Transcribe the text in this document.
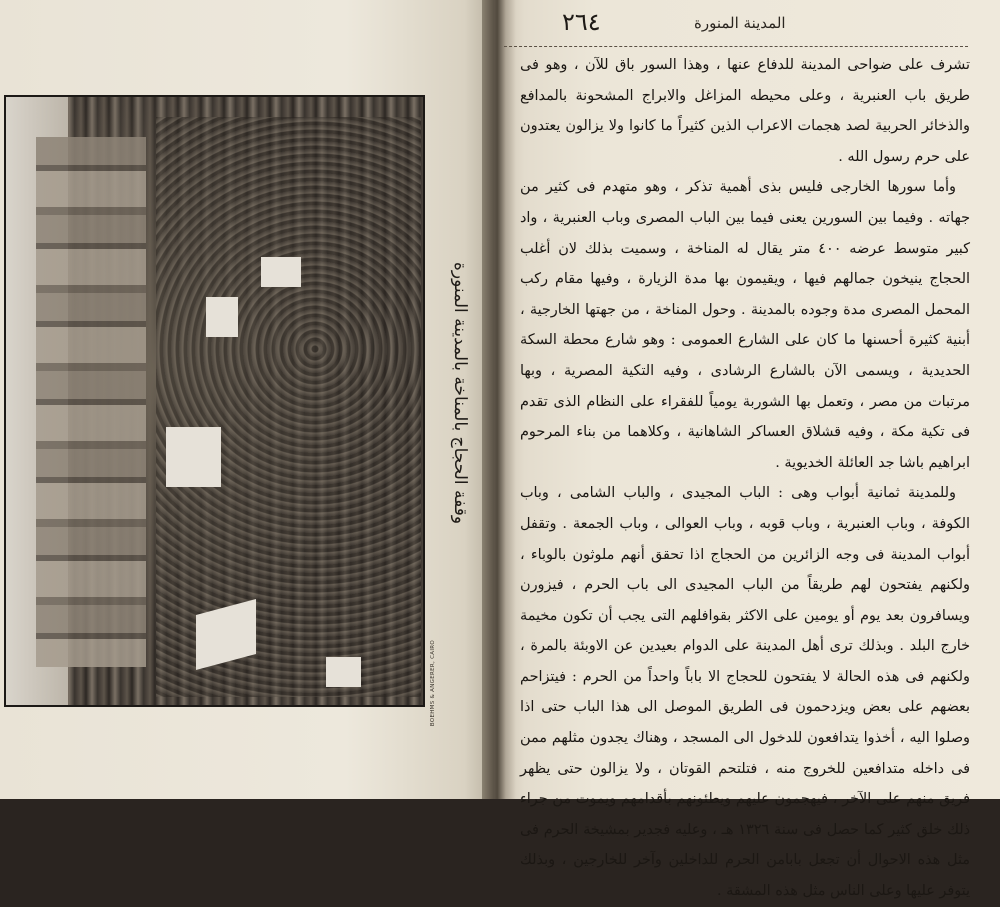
BOEHMS & ANGERER, CAIRO
وقفة الحجاج بالمناخة بالمدينة المنورة
٢٦٤	المدينة المنورة

تشرف على ضواحى المدينة للدفاع عنها ، وهذا السور باق للآن ، وهو فى طريق باب العنبرية ، وعلى محيطه المزاغل والابراج المشحونة بالمدافع والذخائر الحربية لصد هجمات الاعراب الذين كثيراً ما كانوا ولا يزالون يعتدون على حرم رسول الله .

وأما سورها الخارجى فليس بذى أهمية تذكر ، وهو متهدم فى كثير من جهاته . وفيما بين السورين يعنى فيما بين الباب المصرى وباب العنبرية ، واد كبير متوسط عرضه ٤٠٠ متر يقال له المناخة ، وسميت بذلك لان أغلب الحجاج ينيخون جمالهم فيها ، ويقيمون بها مدة الزيارة ، وفيها مقام ركب المحمل المصرى مدة وجوده بالمدينة . وحول المناخة ، من جهتها الخارجية ، أبنية كثيرة أحسنها ما كان على الشارع العمومى : وهو شارع محطة السكة الحديدية ، ويسمى الآن بالشارع الرشادى ، وفيه التكية المصرية ، وبها مرتبات من مصر ، وتعمل بها الشوربة يومياً للفقراء على النظام الذى تقدم فى تكية مكة ، وفيه قشلاق العساكر الشاهانية ، وكلاهما من بناء المرحوم ابراهيم باشا جد العائلة الخديوية .

وللمدينة ثمانية أبواب وهى : الباب المجيدى ، والباب الشامى ، وباب الكوفة ، وباب العنبرية ، وباب قوبه ، وباب العوالى ، وباب الجمعة . وتقفل أبواب المدينة فى وجه الزائرين من الحجاج اذا تحقق أنهم ملوثون بالوباء ، ولكنهم يفتحون لهم طريقاً من الباب المجيدى الى باب الحرم ، فيزورن ويسافرون بعد يوم أو يومين على الاكثر بقوافلهم التى يجب أن تكون مخيمة خارج البلد . وبذلك ترى أهل المدينة على الدوام بعيدين عن الاوبئة بالمرة ، ولكنهم فى هذه الحالة لا يفتحون للحجاج الا باباً واحداً من الحرم : فيتزاحم بعضهم على بعض ويزدحمون فى الطريق الموصل الى هذا الباب حتى اذا وصلوا اليه ، أخذوا يتدافعون للدخول الى المسجد ، وهناك يجدون مثلهم ممن فى داخله متدافعين للخروج منه ، فتلتحم القوتان ، ولا يزالون حتى يظهر فريق منهم على الآخر ، فيهجمون عليهم ويطئونهم بأقدامهم ويموت من جراء ذلك خلق كثير كما حصل فى سنة ١٣٢٦ هـ ، وعليه فجدير بمشيخة الحرم فى مثل هذه الاحوال أن تجعل بابامن الحرم للداخلين وآخر للخارجين ، وبذلك يتوفر عليها وعلى الناس مثل هذه المشقة .
